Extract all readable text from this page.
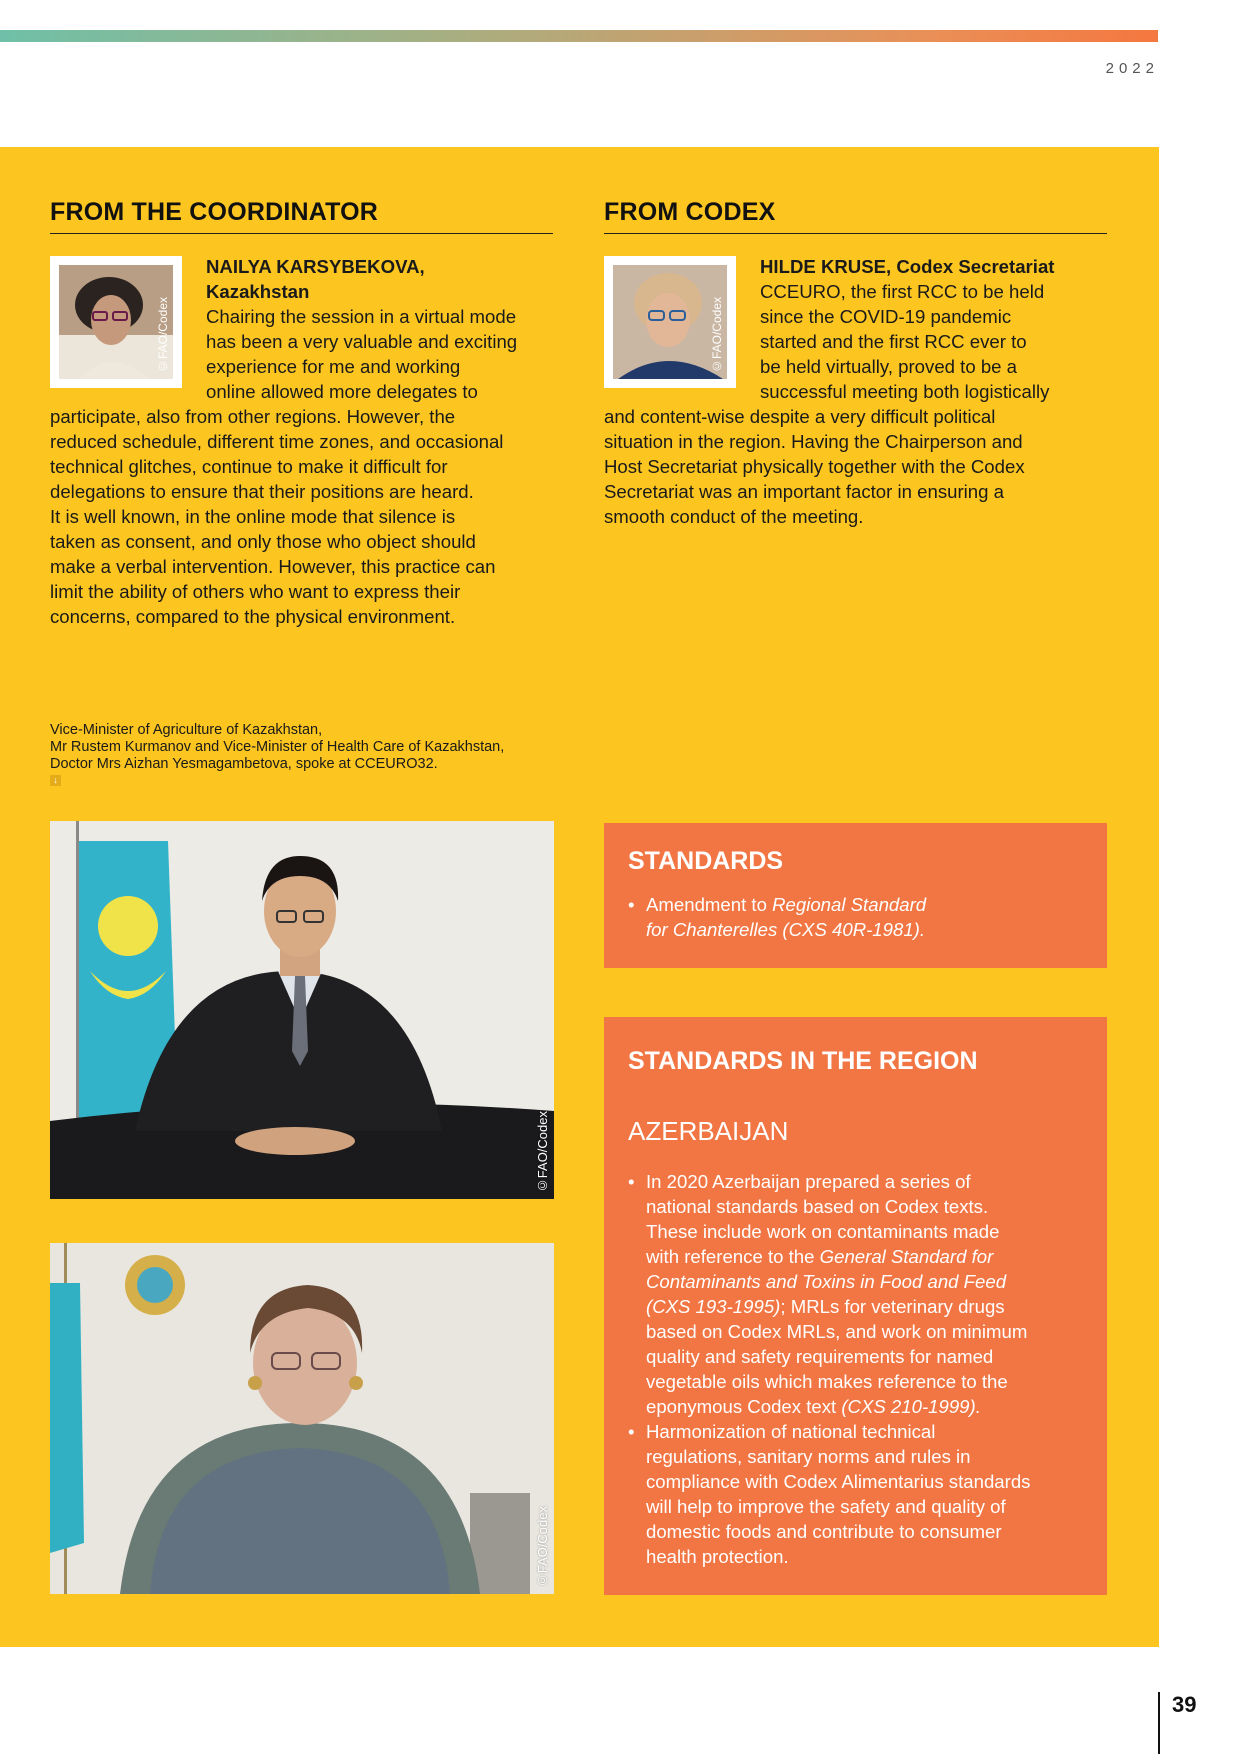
2022
FROM THE COORDINATOR
©FAO/Codex

NAILYA KARSYBEKOVA,

Kazakhstan

Chairing the session in a virtual mode

has been a very valuable and exciting

experience for me and working

online allowed more delegates to

participate, also from other regions. However, the

reduced schedule, different time zones, and occasional

technical glitches, continue to make it difficult for

delegations to ensure that their positions are heard.

It is well known, in the online mode that silence is

taken as consent, and only those who object should

make a verbal intervention. However, this practice can

limit the ability of others who want to express their

concerns, compared to the physical environment.

FROM CODEX
©FAO/Codex

HILDE KRUSE, Codex Secretariat

CCEURO, the first RCC to be held

since the COVID-19 pandemic

started and the first RCC ever to

be held virtually, proved to be a

successful meeting both logistically

and content-wise despite a very difficult political

situation in the region. Having the Chairperson and

Host Secretariat physically together with the Codex

Secretariat was an important factor in ensuring a

smooth conduct of the meeting.

Vice-Minister of Agriculture of Kazakhstan,

Mr Rustem Kurmanov and Vice-Minister of Health Care of Kazakhstan,

Doctor Mrs Aizhan Yesmagambetova, spoke at CCEURO32.

↓
©FAO/Codex
©FAO/Codex
STANDARDS
• Amendment to Regional Standard
for Chanterelles (CXS 40R-1981).
STANDARDS IN THE REGION
AZERBAIJAN
• In 2020 Azerbaijan prepared a series of
national standards based on Codex texts.
These include work on contaminants made
with reference to the General Standard for
Contaminants and Toxins in Food and Feed
(CXS 193-1995); MRLs for veterinary drugs
based on Codex MRLs, and work on minimum
quality and safety requirements for named
vegetable oils which makes reference to the
eponymous Codex text (CXS 210-1999).
• Harmonization of national technical
regulations, sanitary norms and rules in
compliance with Codex Alimentarius standards
will help to improve the safety and quality of
domestic foods and contribute to consumer
health protection.
39
